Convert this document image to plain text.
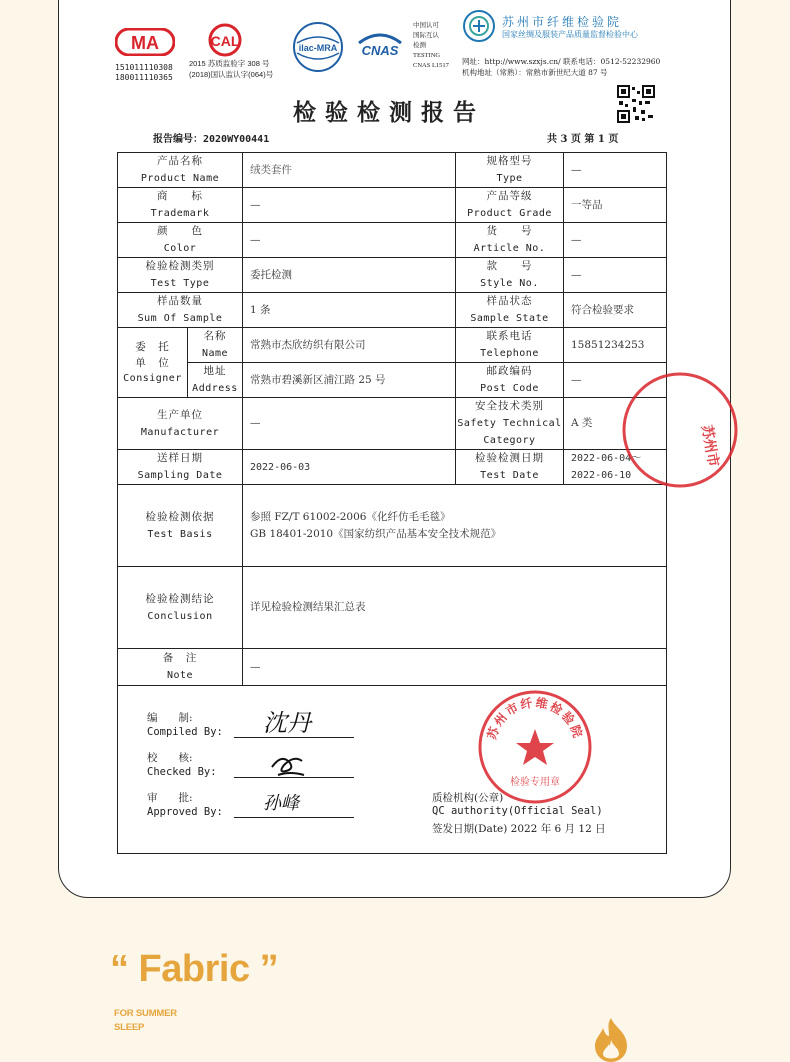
MA
151011110308
180011110365
CAL
2015 苏质监验字 308 号
(2018)国认监认字(064)号
ilac-MRA CNAS
中国认可
国际互认
检测
TESTING
CNAS L1517
苏州市纤维检验院
国家丝绸及服装产品质量监督检验中心
网址：http://www.szxjs.cn/ 联系电话：0512-52232960
机构地址（常熟）：常熟市新世纪大道 87 号
检验检测报告
报告编号：2020WY00441	共 3 页 第 1 页
产品名称
Product Name
绒类套件
规格型号
Type
—
商　　标
Trademark
—
产品等级
Product Grade
一等品
颜　　色
Color
—
货　　号
Article No.
—
检验检测类别
Test Type
委托检测
款　　号
Style No.
—
样品数量
Sum Of Sample
1 条
样品状态
Sample State
符合检验要求
委　托
单　位
Consigner
名称
Name
常熟市杰欣纺织有限公司
联系电话
Telephone
15851234253
地址
Address
常熟市碧溪新区浦江路 25 号
邮政编码
Post Code
—
生产单位
Manufacturer
—
安全技术类别
Safety Technical
Category
A 类
送样日期
Sampling Date
2022-06-03
检验检测日期
Test Date
2022-06-04～
2022-06-10
检验检测依据
Test Basis
参照 FZ/T 61002-2006《化纤仿毛毛毯》
GB 18401-2010《国家纺织产品基本安全技术规范》
检验检测结论
Conclusion
详见检验检测结果汇总表
备　注
Note
—
编　　制:
Compiled By: 沈丹
校　　核:
Checked By:
审　　批:
Approved By: 孙峰	质检机构(公章)
QC authority(Official Seal)
签发日期(Date) 2022 年 6 月 12 日
苏州市纤维检验院
检验专用章
苏州市
“ Fabric ”
FOR SUMMER
SLEEP
